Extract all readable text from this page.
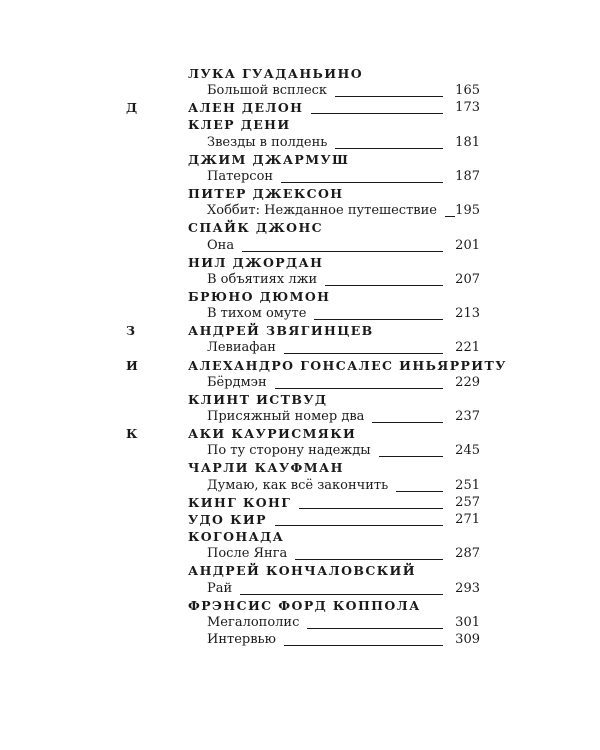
ЛУКА ГУАДАНЬИНО
Большой всплеск	165
Д	АЛЕН ДЕЛОН	173
КЛЕР ДЕНИ
Звезды в полдень	181
ДЖИМ ДЖАРМУШ
Патерсон	187
ПИТЕР ДЖЕКСОН
Хоббит: Нежданное путешествие	195
СПАЙК ДЖОНС
Она	201
НИЛ ДЖОРДАН
В объятиях лжи	207
БРЮНО ДЮМОН
В тихом омуте	213
З	АНДРЕЙ ЗВЯГИНЦЕВ
Левиафан	221
И	АЛЕХАНДРО ГОНСАЛЕС ИНЬЯРРИТУ
Бёрдмэн	229
КЛИНТ ИСТВУД
Присяжный номер два	237
К	АКИ КАУРИСМЯКИ
По ту сторону надежды	245
ЧАРЛИ КАУФМАН
Думаю, как всё закончить	251
КИНГ КОНГ	257
УДО КИР	271
КОГОНАДА
После Янга	287
АНДРЕЙ КОНЧАЛОВСКИЙ
Рай	293
ФРЭНСИС ФОРД КОППОЛА
Мегалополис	301
Интервью	309
